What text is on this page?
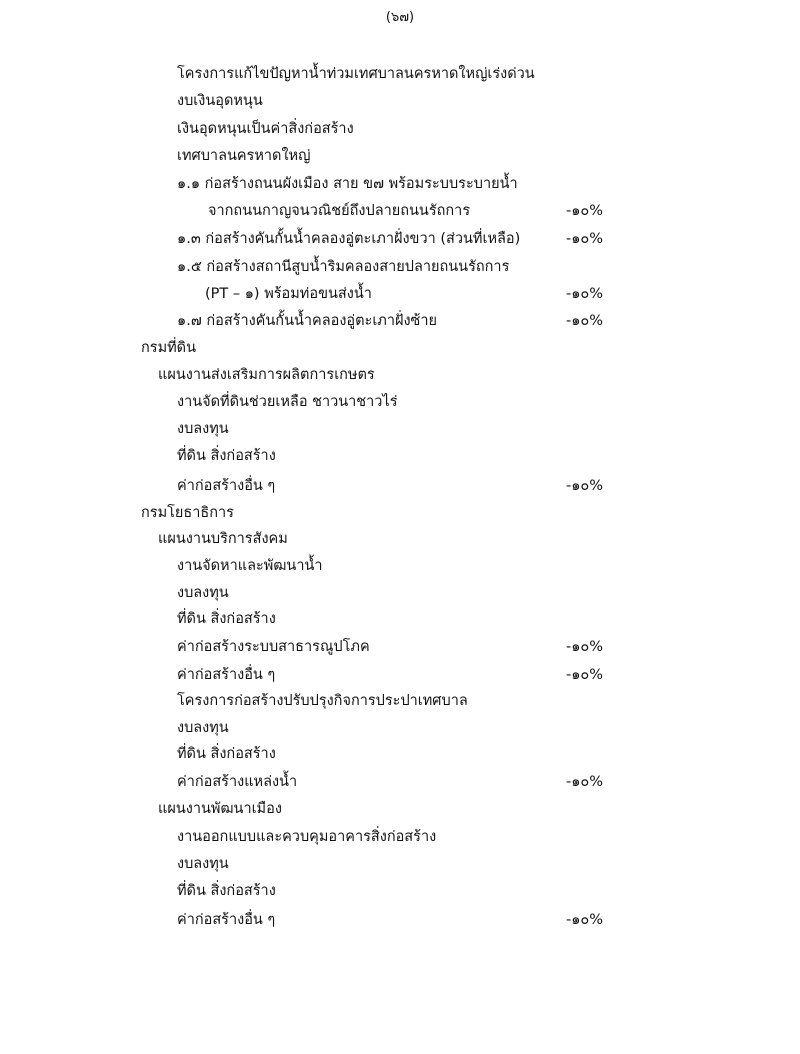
(๖๗)
โครงการแก้ไขปัญหาน้ำท่วมเทศบาลนครหาดใหญ่เร่งด่วน
งบเงินอุดหนุน
เงินอุดหนุนเป็นค่าสิ่งก่อสร้าง
เทศบาลนครหาดใหญ่
๑.๑ ก่อสร้างถนนผังเมือง สาย ข๗ พร้อมระบบระบายน้ำ
จากถนนกาญจนวณิชย์ถึงปลายถนนรัถการ	-๑๐%
๑.๓ ก่อสร้างคันกั้นน้ำคลองอู่ตะเภาฝั่งขวา (ส่วนที่เหลือ)	-๑๐%
๑.๕ ก่อสร้างสถานีสูบน้ำริมคลองสายปลายถนนรัถการ
(PT – ๑) พร้อมท่อขนส่งน้ำ	-๑๐%
๑.๗ ก่อสร้างคันกั้นน้ำคลองอู่ตะเภาฝั่งซ้าย	-๑๐%
กรมที่ดิน
แผนงานส่งเสริมการผลิตการเกษตร
งานจัดที่ดินช่วยเหลือ ชาวนาชาวไร่
งบลงทุน
ที่ดิน สิ่งก่อสร้าง
ค่าก่อสร้างอื่น ๆ	-๑๐%
กรมโยธาธิการ
แผนงานบริการสังคม
งานจัดหาและพัฒนาน้ำ
งบลงทุน
ที่ดิน สิ่งก่อสร้าง
ค่าก่อสร้างระบบสาธารณูปโภค	-๑๐%
ค่าก่อสร้างอื่น ๆ	-๑๐%
โครงการก่อสร้างปรับปรุงกิจการประปาเทศบาล
งบลงทุน
ที่ดิน สิ่งก่อสร้าง
ค่าก่อสร้างแหล่งน้ำ	-๑๐%
แผนงานพัฒนาเมือง
งานออกแบบและควบคุมอาคารสิ่งก่อสร้าง
งบลงทุน
ที่ดิน สิ่งก่อสร้าง
ค่าก่อสร้างอื่น ๆ	-๑๐%
